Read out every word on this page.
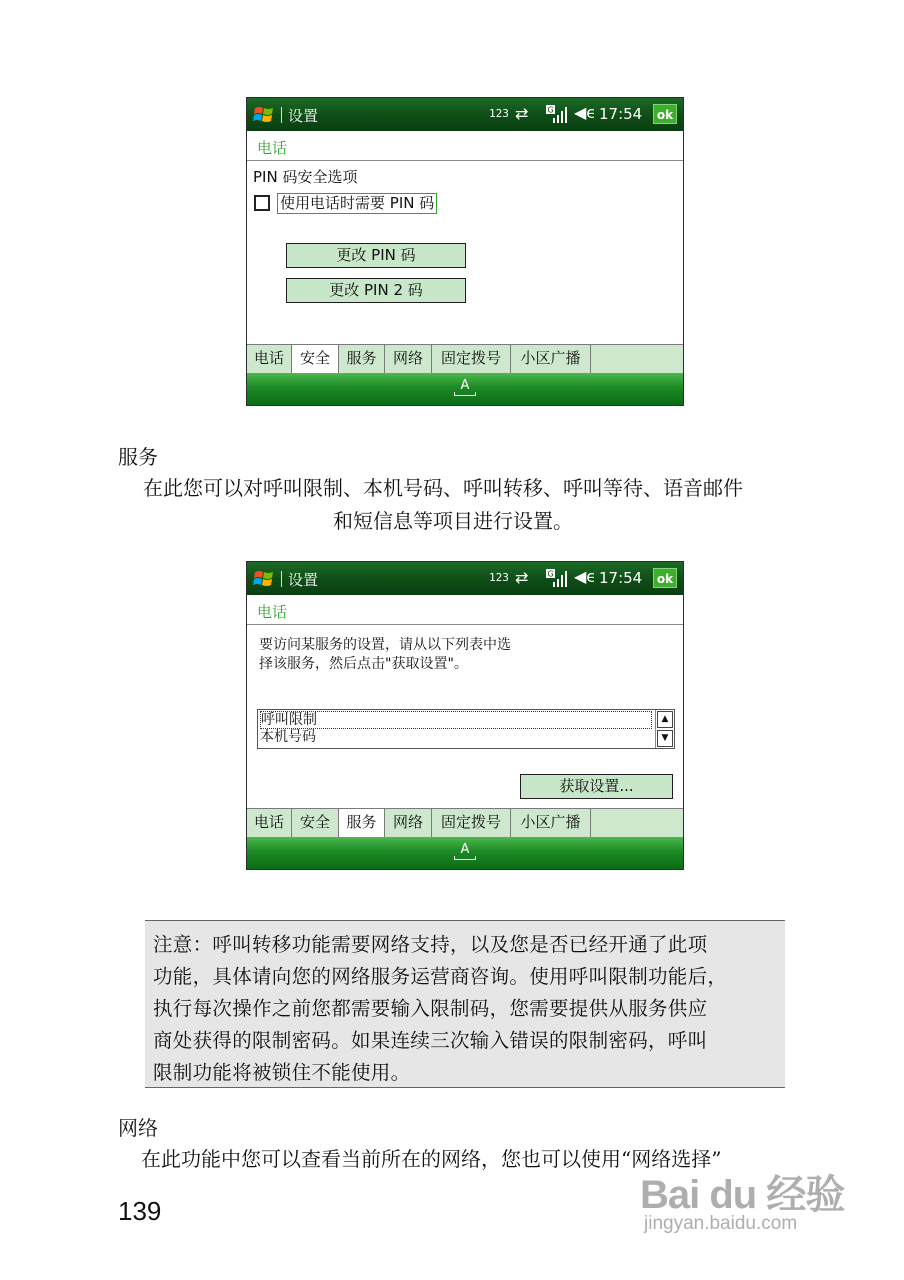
设置	123 ⇄ G ◀ϵ 17:54	ok
电话
PIN 码安全选项
使用电话时需要 PIN 码
更改 PIN 码
更改 PIN 2 码
电话	安全	服务	网络	固定拨号	小区广播
A
服务
在此您可以对呼叫限制、本机号码、呼叫转移、呼叫等待、语音邮件
和短信息等项目进行设置。
设置	123 ⇄ G ◀ϵ 17:54	ok
电话
要访问某服务的设置，请从以下列表中选
择该服务，然后点击"获取设置"。
呼叫限制
本机号码
▲
▼
获取设置...
电话	安全	服务	网络	固定拨号	小区广播
A

注意：呼叫转移功能需要网络支持，以及您是否已经开通了此项

功能，具体请向您的网络服务运营商咨询。使用呼叫限制功能后，

执行每次操作之前您都需要输入限制码，您需要提供从服务供应

商处获得的限制密码。如果连续三次输入错误的限制密码，呼叫

限制功能将被锁住不能使用。

网络
在此功能中您可以查看当前所在的网络，您也可以使用“网络选择”
139	Bai du 经验
jingyan.baidu.com
